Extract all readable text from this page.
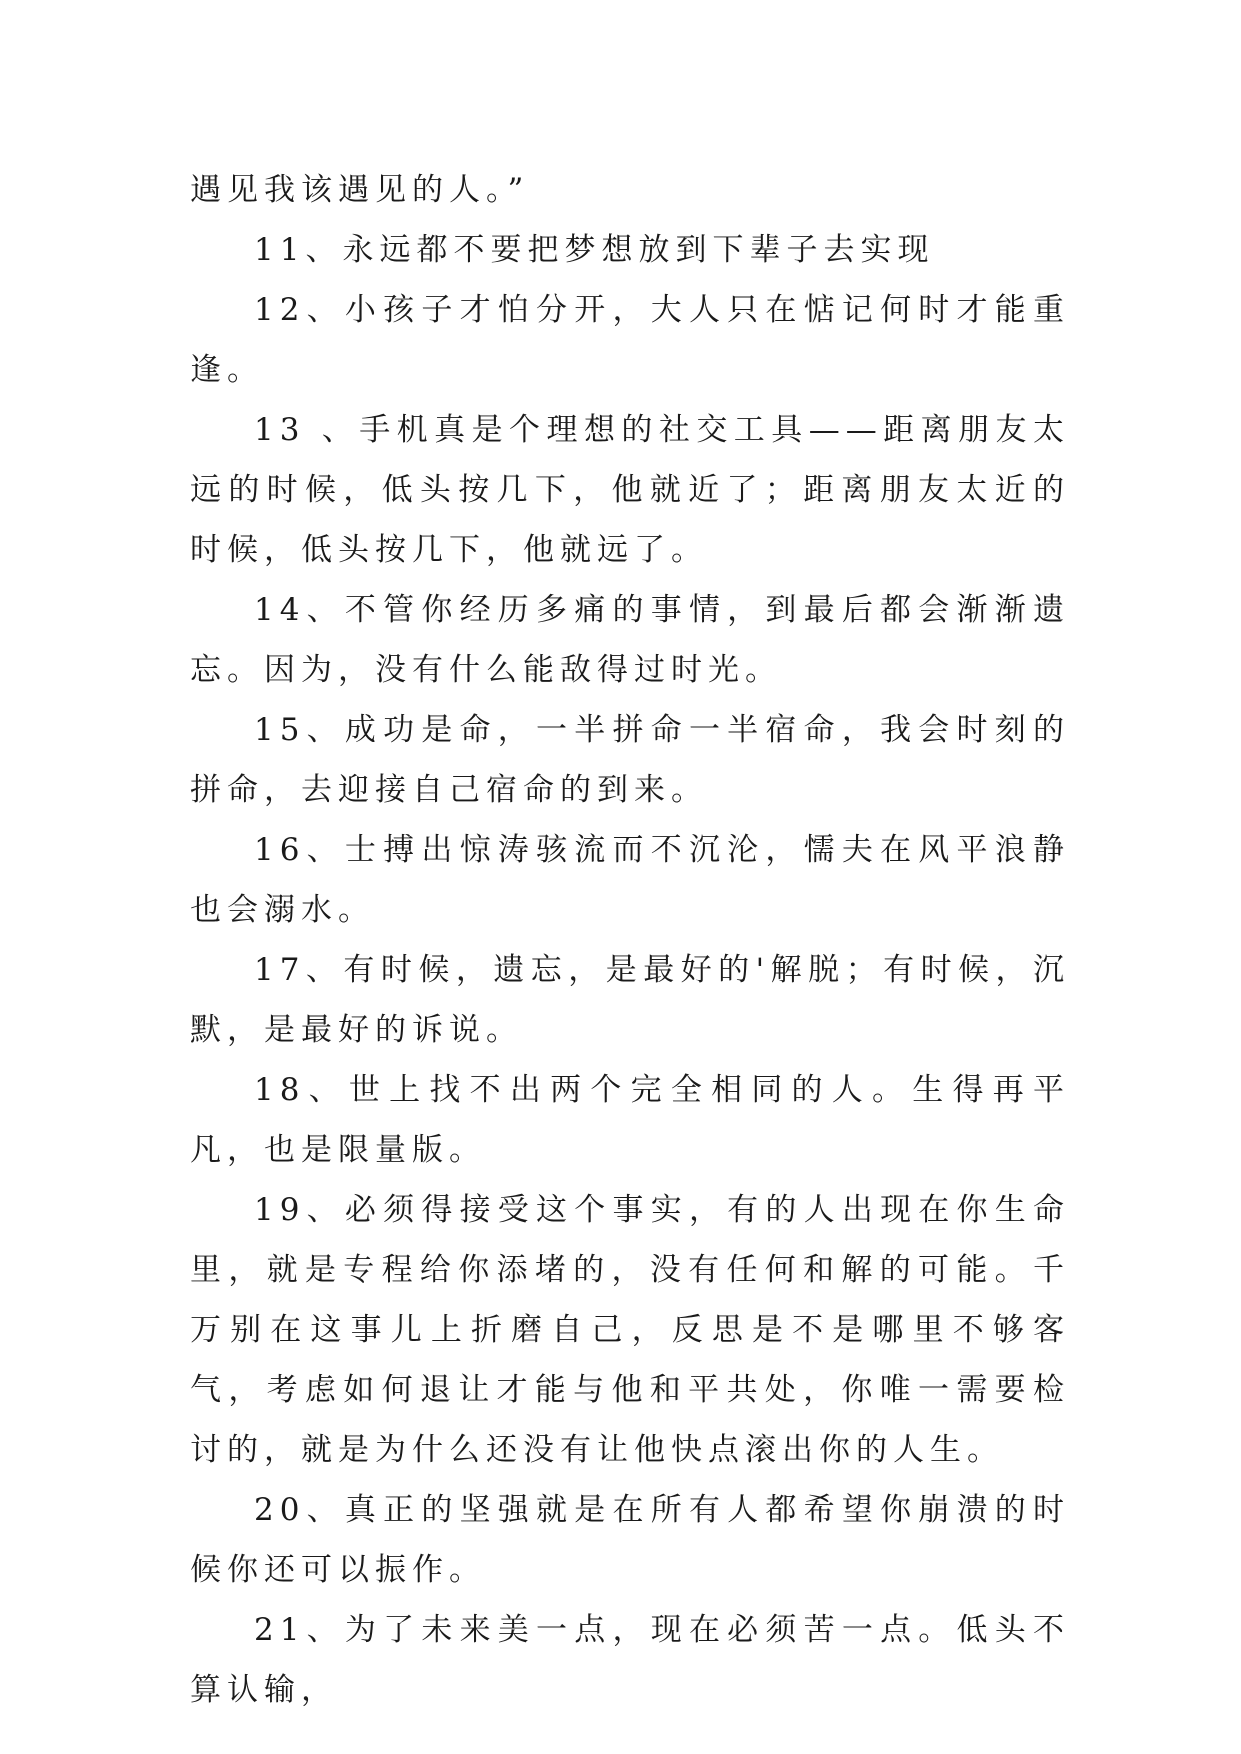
遇见我该遇见的人。”

11、永远都不要把梦想放到下辈子去实现

12、小孩子才怕分开，大人只在惦记何时才能重逢。

13 、手机真是个理想的社交工具——距离朋友太远的时候，低头按几下，他就近了；距离朋友太近的时候，低头按几下，他就远了。

14、不管你经历多痛的事情，到最后都会渐渐遗忘。因为，没有什么能敌得过时光。

15、成功是命，一半拼命一半宿命，我会时刻的拼命，去迎接自己宿命的到来。

16、士搏出惊涛骇流而不沉沦，懦夫在风平浪静也会溺水。

17、有时候，遗忘，是最好的'解脱；有时候，沉默，是最好的诉说。

18、世上找不出两个完全相同的人。生得再平凡，也是限量版。

19、必须得接受这个事实，有的人出现在你生命里，就是专程给你添堵的，没有任何和解的可能。千万别在这事儿上折磨自己，反思是不是哪里不够客气，考虑如何退让才能与他和平共处，你唯一需要检讨的，就是为什么还没有让他快点滚出你的人生。

20、真正的坚强就是在所有人都希望你崩溃的时候你还可以振作。

21、为了未来美一点，现在必须苦一点。低头不算认输，
